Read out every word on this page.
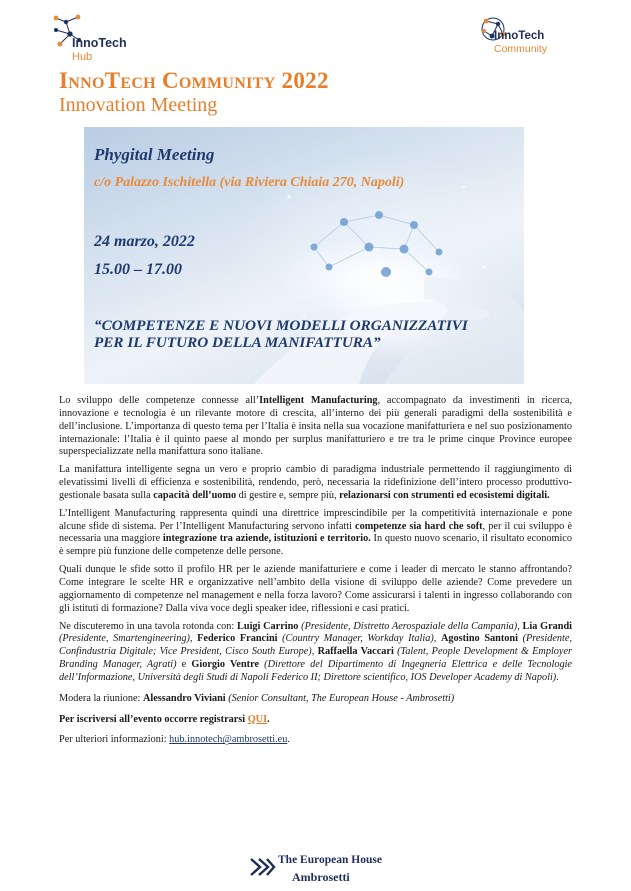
InnoTech
Hub
InnoTech
Community
InnoTech Community 2022
Innovation Meeting
Phygital Meeting
c/o Palazzo Ischitella (via Riviera Chiaia 270, Napoli)
24 marzo, 2022
15.00 – 17.00
“COMPETENZE E NUOVI MODELLI ORGANIZZATIVI PER IL FUTURO DELLA MANIFATTURA”

Lo sviluppo delle competenze connesse all’Intelligent Manufacturing, accompagnato da investimenti in ricerca, innovazione e tecnologia è un rilevante motore di crescita, all’interno dei più generali paradigmi della sostenibilità e dell’inclusione. L’importanza di questo tema per l’Italia è insita nella sua vocazione manifatturiera e nel suo posizionamento internazionale: l’Italia è il quinto paese al mondo per surplus manifatturiero e tre tra le prime cinque Province europee superspecializzate nella manifattura sono italiane.

La manifattura intelligente segna un vero e proprio cambio di paradigma industriale permettendo il raggiungimento di elevatissimi livelli di efficienza e sostenibilità, rendendo, però, necessaria la ridefinizione dell’intero processo produttivo-gestionale basata sulla capacità dell’uomo di gestire e, sempre più, relazionarsi con strumenti ed ecosistemi digitali.

L’Intelligent Manufacturing rappresenta quindi una direttrice imprescindibile per la competitività internazionale e pone alcune sfide di sistema. Per l’Intelligent Manufacturing servono infatti competenze sia hard che soft, per il cui sviluppo è necessaria una maggiore integrazione tra aziende, istituzioni e territorio. In questo nuovo scenario, il risultato economico è sempre più funzione delle competenze delle persone.

Quali dunque le sfide sotto il profilo HR per le aziende manifatturiere e come i leader di mercato le stanno affrontando? Come integrare le scelte HR e organizzative nell’ambito della visione di sviluppo delle aziende? Come prevedere un aggiornamento di competenze nel management e nella forza lavoro? Come assicurarsi i talenti in ingresso collaborando con gli istituti di formazione? Dalla viva voce degli speaker idee, riflessioni e casi pratici.

Ne discuteremo in una tavola rotonda con: Luigi Carrino (Presidente, Distretto Aerospaziale della Campania), Lia Grandi (Presidente, Smartengineering), Federico Francini (Country Manager, Workday Italia), Agostino Santoni (Presidente, Confindustria Digitale; Vice President, Cisco South Europe), Raffaella Vaccari (Talent, People Development & Employer Branding Manager, Agrati) e Giorgio Ventre (Direttore del Dipartimento di Ingegneria Elettrica e delle Tecnologie dell’Informazione, Università degli Studi di Napoli Federico II; Direttore scientifico, IOS Developer Academy di Napoli).

Modera la riunione: Alessandro Viviani (Senior Consultant, The European House - Ambrosetti)

Per iscriversi all’evento occorre registrarsi QUI.

Per ulteriori informazioni: hub.innotech@ambrosetti.eu.

The European House
Ambrosetti
